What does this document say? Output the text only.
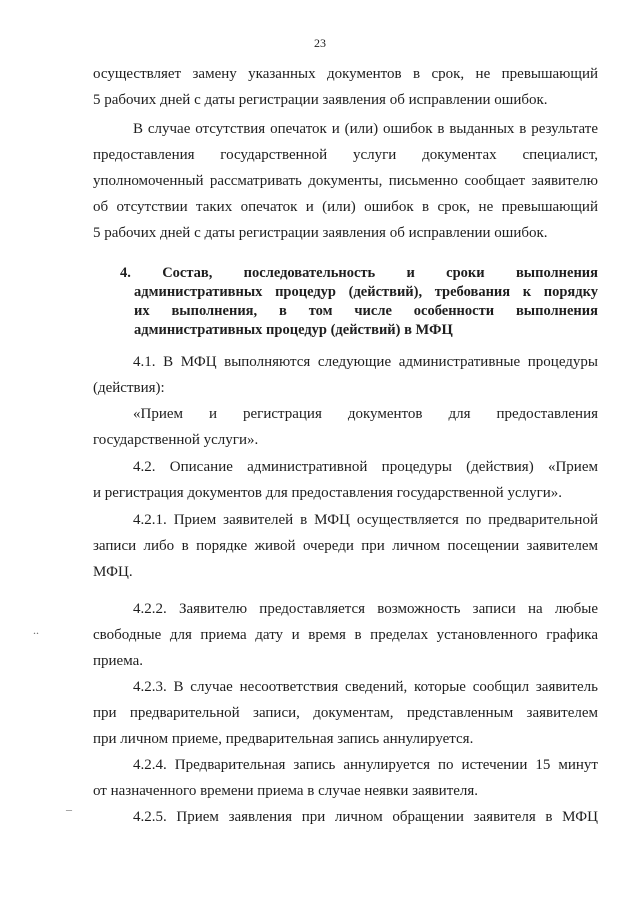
23
осуществляет замену указанных документов в срок, не превышающий
5 рабочих дней с даты регистрации заявления об исправлении ошибок.
В случае отсутствия опечаток и (или) ошибок в выданных в результате
предоставления государственной услуги документах специалист,
уполномоченный рассматривать документы, письменно сообщает заявителю
об отсутствии таких опечаток и (или) ошибок в срок, не превышающий
5 рабочих дней с даты регистрации заявления об исправлении ошибок.
4. Состав, последовательность и сроки выполнения
административных процедур (действий), требования к порядку
их выполнения, в том числе особенности выполнения
административных процедур (действий) в МФЦ
4.1. В МФЦ выполняются следующие административные процедуры
(действия):
«Прием и регистрация документов для предоставления
государственной услуги».
4.2. Описание административной процедуры (действия) «Прием
и регистрация документов для предоставления государственной услуги».
4.2.1. Прием заявителей в МФЦ осуществляется по предварительной
записи либо в порядке живой очереди при личном посещении заявителем
МФЦ.
4.2.2. Заявителю предоставляется возможность записи на любые
свободные для приема дату и время в пределах установленного графика
приема.
4.2.3. В случае несоответствия сведений, которые сообщил заявитель
при предварительной записи, документам, представленным заявителем
при личном приеме, предварительная запись аннулируется.
4.2.4. Предварительная запись аннулируется по истечении 15 минут
от назначенного времени приема в случае неявки заявителя.
4.2.5. Прием заявления при личном обращении заявителя в МФЦ
..
–
